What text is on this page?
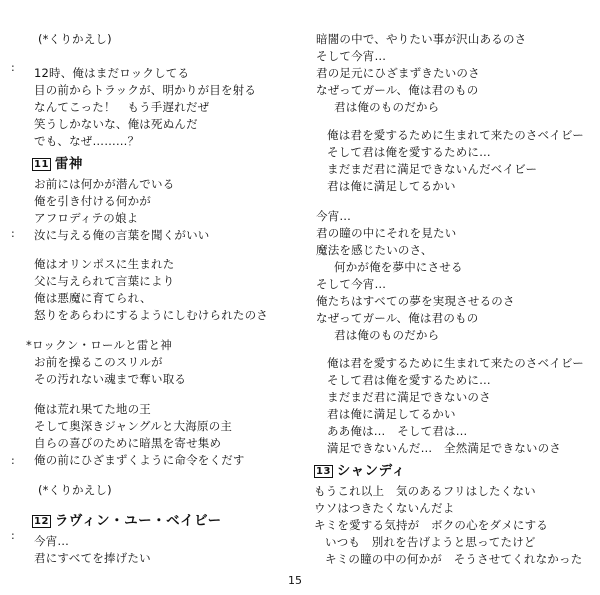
(*くりかえし)
12時、俺はまだロックしてる
目の前からトラックが、明かりが目を射る
なんてこった！　もう手遅れだぜ
笑うしかないな、俺は死ぬんだ
でも、なぜ………？
11 雷神
お前には何かが潜んでいる
俺を引き付ける何かが
アフロディテの娘よ
汝に与える俺の言葉を聞くがいい
俺はオリンポスに生まれた
父に与えられて言葉により
俺は悪魔に育てられ、
怒りをあらわにするようにしむけられたのさ
*ロックン・ロールと雷と神
お前を操るこのスリルが
その汚れない魂まで奪い取る
俺は荒れ果てた地の王
そして奥深きジャングルと大海原の主
自らの喜びのために暗黒を寄せ集め
俺の前にひざまずくように命令をくだす
(*くりかえし)
12 ラヴィン・ユー・ベイビー
今宵…
君にすべてを捧げたい
暗闇の中で、やりたい事が沢山あるのさ
そして今宵…
君の足元にひざまずきたいのさ
なぜってガール、俺は君のもの
君は俺のものだから
俺は君を愛するために生まれて来たのさベイビー
そして君は俺を愛するために…
まだまだ君に満足できないんだベイビー
君は俺に満足してるかい
今宵…
君の瞳の中にそれを見たい
魔法を感じたいのさ、
何かが俺を夢中にさせる
そして今宵…
俺たちはすべての夢を実現させるのさ
なぜってガール、俺は君のもの
君は俺のものだから
俺は君を愛するために生まれて来たのさベイビー
そして君は俺を愛するために…
まだまだ君に満足できないのさ
君は俺に満足してるかい
ああ俺は…　そして君は…
満足できないんだ…　全然満足できないのさ
13 シャンディ
もうこれ以上　気のあるフリはしたくない
ウソはつきたくないんだよ
キミを愛する気持が　ボクの心をダメにする
いつも　別れを告げようと思ってたけど
キミの瞳の中の何かが　そうさせてくれなかった
:
:
:
:
15
